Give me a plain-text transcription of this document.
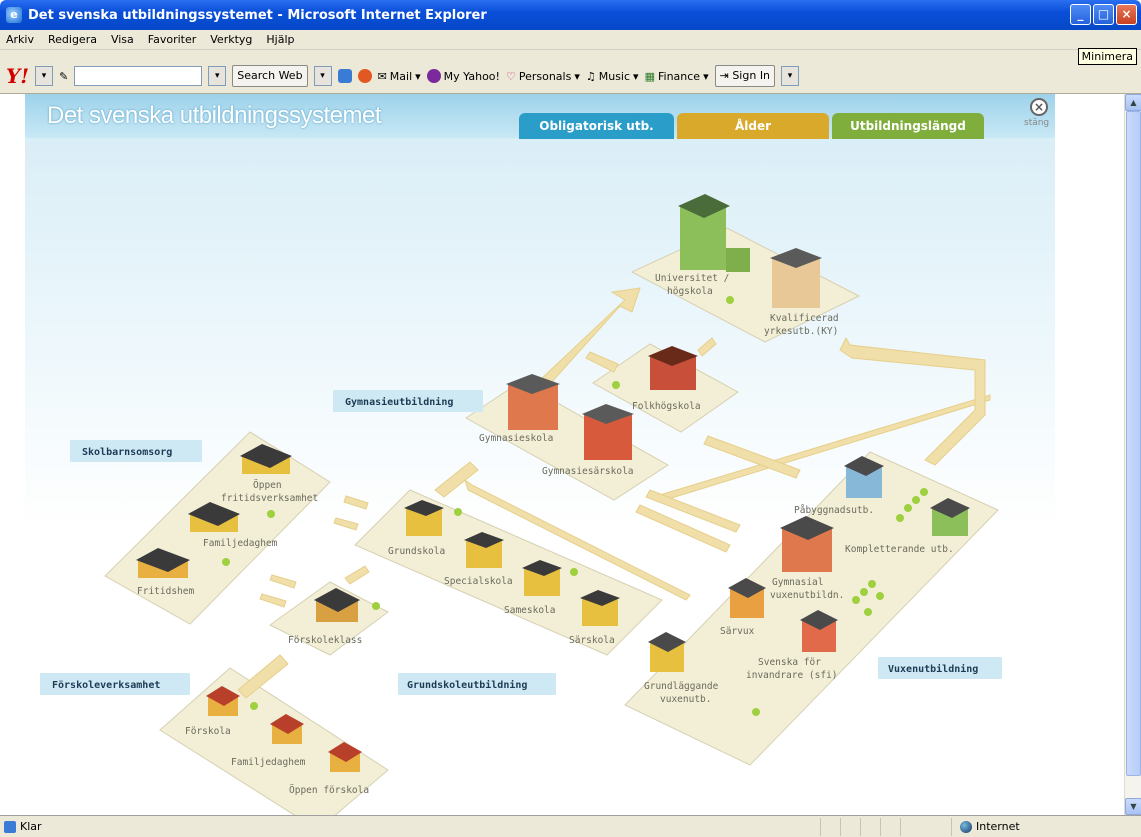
e Det svenska utbildningssystemet - Microsoft Internet Explorer	_	□	×
Arkiv Redigera Visa Favoriter Verktyg Hjälp
Minimera
Y!	▾	✎	▾	Search Web	▾	✉ Mail ▾ My Yahoo! ♡ Personals ▾ ♫ Music ▾ ▦ Finance ▾	⇥ Sign In	▾
Det svenska utbildningssystemet	Obligatorisk utb.	Ålder	Utbildningslängd
×
stäng
Universitet /
högskola
Kvalificerad
yrkesutb.(KY)
Folkhögskola
Gymnasieskola
Gymnasiesärskola
Öppen
fritidsverksamhet
Familjedaghem
Fritidshem
Grundskola
Specialskola
Sameskola
Särskola
Förskoleklass
Förskola
Familjedaghem
Öppen förskola
Påbyggnadsutb.
Kompletterande utb.
Gymnasial
vuxenutbildn.
Särvux
Svenska för
invandrare (sfi)
Grundläggande
vuxenutb.
Gymnasieutbildning
Skolbarnsomsorg
Förskoleverksamhet	Grundskoleutbildning
Vuxenutbildning
▲
▼
Klar	Internet
